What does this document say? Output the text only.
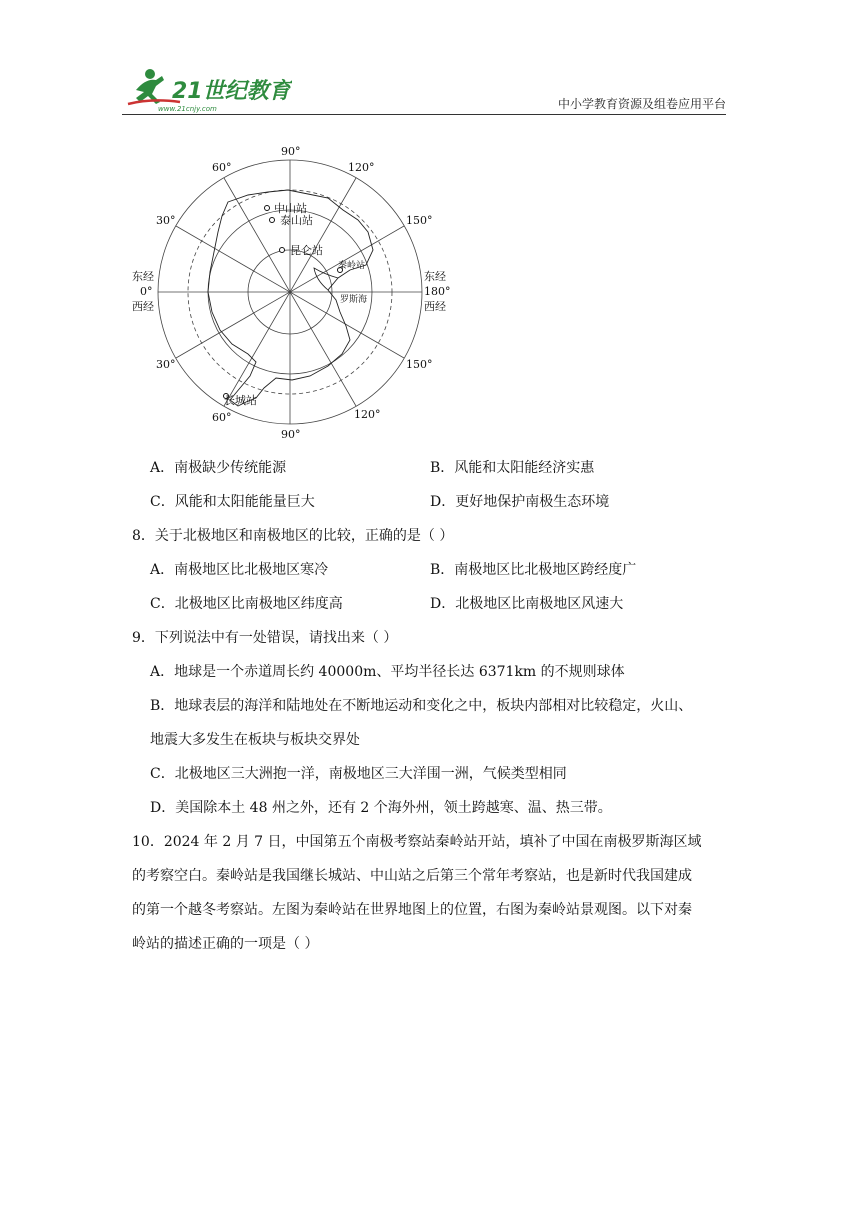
21世纪教育
www.21cnjy.com	中小学教育资源及组卷应用平台
中山站
泰山站
昆仑站
秦岭站
罗斯海
长城站
90°
60°	120°
30°	150°
东经
0°
西经
东经
180°
西经
30°	150°
60°	120°
90°
A．南极缺少传统能源	B．风能和太阳能经济实惠
C．风能和太阳能能量巨大	D．更好地保护南极生态环境
8．关于北极地区和南极地区的比较，正确的是（ ）
A．南极地区比北极地区寒冷	B．南极地区比北极地区跨经度广
C．北极地区比南极地区纬度高	D．北极地区比南极地区风速大
9．下列说法中有一处错误，请找出来（ ）
A．地球是一个赤道周长约 40000m、平均半径长达 6371km 的不规则球体
B．地球表层的海洋和陆地处在不断地运动和变化之中，板块内部相对比较稳定，火山、
地震大多发生在板块与板块交界处
C．北极地区三大洲抱一洋，南极地区三大洋围一洲，气候类型相同
D．美国除本土 48 州之外，还有 2 个海外州，领土跨越寒、温、热三带。
10．2024 年 2 月 7 日，中国第五个南极考察站秦岭站开站，填补了中国在南极罗斯海区域
的考察空白。秦岭站是我国继长城站、中山站之后第三个常年考察站，也是新时代我国建成
的第一个越冬考察站。左图为秦岭站在世界地图上的位置，右图为秦岭站景观图。以下对秦
岭站的描述正确的一项是（ ）
